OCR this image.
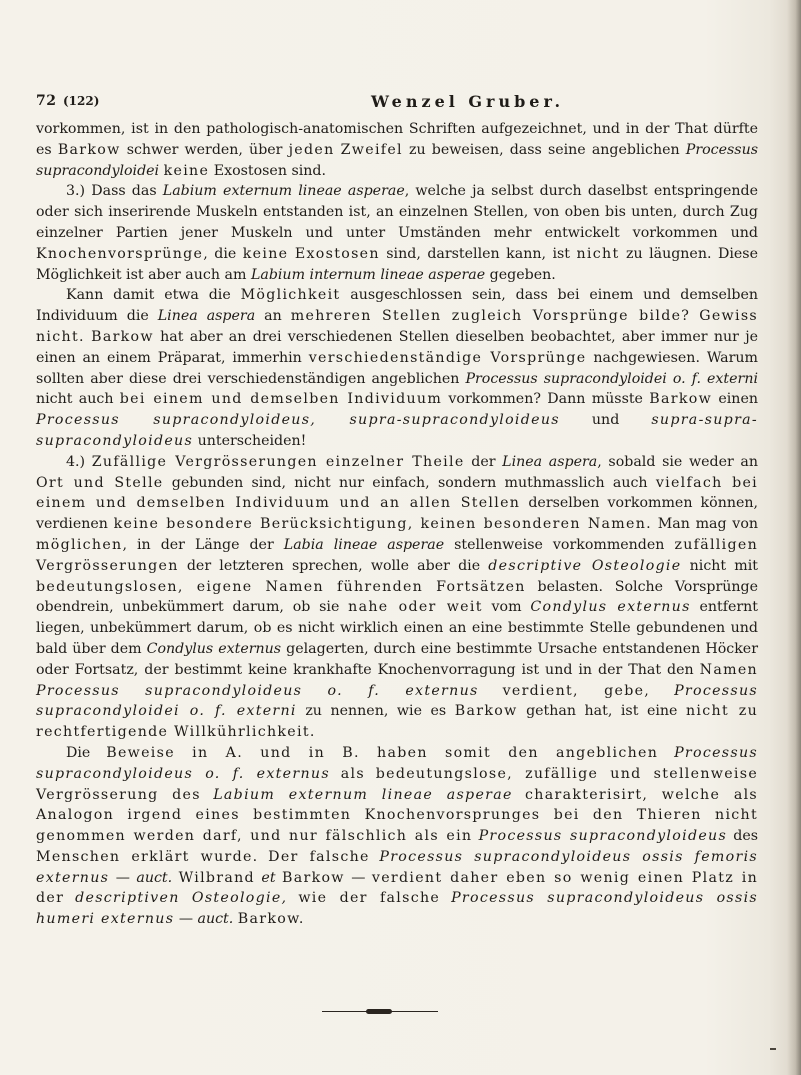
72 (122)	Wenzel Gruber.

vorkommen, ist in den pathologisch-anatomischen Schriften aufgezeichnet, und in der That dürfte es Barkow schwer werden, über jeden Zweifel zu beweisen, dass seine angeblichen Processus supracondyloidei keine Exostosen sind.

3.) Dass das Labium externum lineae asperae, welche ja selbst durch daselbst entspringende oder sich inserirende Muskeln entstanden ist, an einzelnen Stellen, von oben bis unten, durch Zug einzelner Partien jener Muskeln und unter Umständen mehr entwickelt vorkommen und Knochenvorsprünge, die keine Exostosen sind, darstellen kann, ist nicht zu läugnen. Diese Möglichkeit ist aber auch am Labium internum lineae asperae gegeben.

Kann damit etwa die Möglichkeit ausgeschlossen sein, dass bei einem und demselben Individuum die Linea aspera an mehreren Stellen zugleich Vorsprünge bilde? Gewiss nicht. Barkow hat aber an drei verschiedenen Stellen dieselben beobachtet, aber immer nur je einen an einem Präparat, immerhin verschiedenständige Vorsprünge nachgewiesen. Warum sollten aber diese drei verschiedenständigen angeblichen Processus supracondyloidei o. f. externi nicht auch bei einem und demselben Individuum vorkommen? Dann müsste Barkow einen Processus supracondyloideus, supra-supracondyloideus und supra-supra-supracondyloideus unterscheiden!

4.) Zufällige Vergrösserungen einzelner Theile der Linea aspera, sobald sie weder an Ort und Stelle gebunden sind, nicht nur einfach, sondern muthmasslich auch vielfach bei einem und demselben Individuum und an allen Stellen derselben vorkommen können, verdienen keine besondere Berücksichtigung, keinen besonderen Namen. Man mag von möglichen, in der Länge der Labia lineae asperae stellenweise vorkommenden zufälligen Vergrösserungen der letzteren sprechen, wolle aber die descriptive Osteologie nicht mit bedeutungslosen, eigene Namen führenden Fortsätzen belasten. Solche Vorsprünge obendrein, unbekümmert darum, ob sie nahe oder weit vom Condylus externus entfernt liegen, unbekümmert darum, ob es nicht wirklich einen an eine bestimmte Stelle gebundenen und bald über dem Condylus externus gelagerten, durch eine bestimmte Ursache entstandenen Höcker oder Fortsatz, der bestimmt keine krankhafte Knochenvorragung ist und in der That den Namen Processus supracondyloideus o. f. externus verdient, gebe, Processus supracondyloidei o. f. externi zu nennen, wie es Barkow gethan hat, ist eine nicht zu rechtfertigende Willkührlichkeit.

Die Beweise in A. und in B. haben somit den angeblichen Processus supracondyloideus o. f. externus als bedeutungslose, zufällige und stellenweise Vergrösserung des Labium externum lineae asperae charakterisirt, welche als Analogon irgend eines bestimmten Knochenvorsprunges bei den Thieren nicht genommen werden darf, und nur fälschlich als ein Processus supracondyloideus des Menschen erklärt wurde. Der falsche Processus supracondyloideus ossis femoris externus — auct. Wilbrand et Barkow — verdient daher eben so wenig einen Platz in der descriptiven Osteologie, wie der falsche Processus supracondyloideus ossis humeri externus — auct. Barkow.
